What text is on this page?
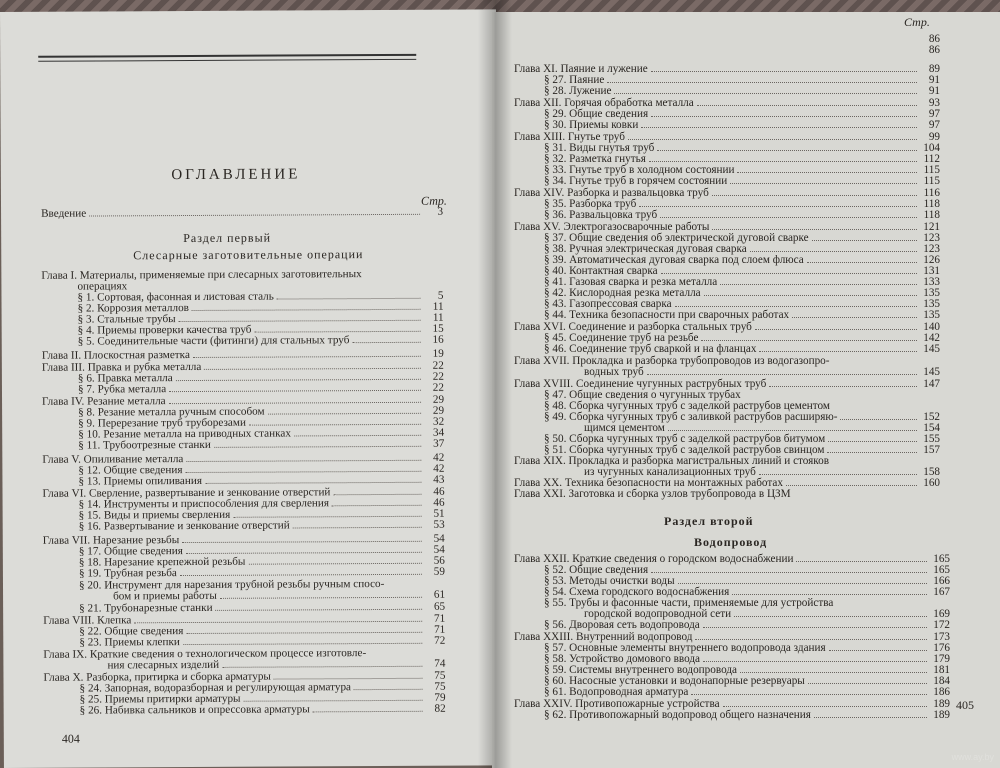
ОГЛАВЛЕНИЕ
Стр.
Раздел первый
Слесарные заготовительные операции
Введение	3
Глава I. Материалы, применяемые при слесарных заготовительных
операциях
§ 1. Сортовая, фасонная и листовая сталь	5
§ 2. Коррозия металлов	11
§ 3. Стальные трубы	11
§ 4. Приемы проверки качества труб	15
§ 5. Соединительные части (фитинги) для стальных труб	16
Глава II. Плоскостная разметка	19
Глава III. Правка и рубка металла	22
§ 6. Правка металла	22
§ 7. Рубка металла	22
Глава IV. Резание металла	29
§ 8. Резание металла ручным способом	29
§ 9. Перерезание труб труборезами	32
§ 10. Резание металла на приводных станках	34
§ 11. Трубоотрезные станки	37
Глава V. Опиливание металла	42
§ 12. Общие сведения	42
§ 13. Приемы опиливания	43
Глава VI. Сверление, развертывание и зенкование отверстий	46
§ 14. Инструменты и приспособления для сверления	46
§ 15. Виды и приемы сверления	51
§ 16. Развертывание и зенкование отверстий	53
Глава VII. Нарезание резьбы	54
§ 17. Общие сведения	54
§ 18. Нарезание крепежной резьбы	56
§ 19. Трубная резьба	59
§ 20. Инструмент для нарезания трубной резьбы ручным спосо-
бом и приемы работы	61
§ 21. Трубонарезные станки	65
Глава VIII. Клепка	71
§ 22. Общие сведения	71
§ 23. Приемы клепки	72
Глава IX. Краткие сведения о технологическом процессе изготовле-
ния слесарных изделий	74
Глава X. Разборка, притирка и сборка арматуры	75
§ 24. Запорная, водоразборная и регулирующая арматура	75
§ 25. Приемы притирки арматуры	79
§ 26. Набивка сальников и опрессовка арматуры	82
404
Стр.
Раздел второй
Водопровод
86
86
Глава XI. Паяние и лужение	89
§ 27. Паяние	91
§ 28. Лужение	91
Глава XII. Горячая обработка металла	93
§ 29. Общие сведения	97
§ 30. Приемы ковки	97
Глава XIII. Гнутье труб	99
§ 31. Виды гнутья труб	104
§ 32. Разметка гнутья	112
§ 33. Гнутье труб в холодном состоянии	115
§ 34. Гнутье труб в горячем состоянии	115
Глава XIV. Разборка и развальцовка труб	116
§ 35. Разборка труб	118
§ 36. Развальцовка труб	118
Глава XV. Электрогазосварочные работы	121
§ 37. Общие сведения об электрической дуговой сварке	123
§ 38. Ручная электрическая дуговая сварка	123
§ 39. Автоматическая дуговая сварка под слоем флюса	126
§ 40. Контактная сварка	131
§ 41. Газовая сварка и резка металла	133
§ 42. Кислородная резка металла	135
§ 43. Газопрессовая сварка	135
§ 44. Техника безопасности при сварочных работах	135
Глава XVI. Соединение и разборка стальных труб	140
§ 45. Соединение труб на резьбе	142
§ 46. Соединение труб сваркой и на фланцах	145
Глава XVII. Прокладка и разборка трубопроводов из водогазопро-
водных труб	145
Глава XVIII. Соединение чугунных раструбных труб	147
§ 47. Общие сведения о чугунных трубах
§ 48. Сборка чугунных труб с заделкой раструбов цементом
§ 49. Сборка чугунных труб с заливкой раструбов расширяю-	152
щимся цементом	154
§ 50. Сборка чугунных труб с заделкой раструбов битумом	155
§ 51. Сборка чугунных труб с заделкой раструбов свинцом	157
Глава XIX. Прокладка и разборка магистральных линий и стояков
из чугунных канализационных труб	158
Глава XX. Техника безопасности на монтажных работах	160
Глава XXI. Заготовка и сборка узлов трубопровода в ЦЗМ
Глава XXII. Краткие сведения о городском водоснабжении	165
§ 52. Общие сведения	165
§ 53. Методы очистки воды	166
§ 54. Схема городского водоснабжения	167
§ 55. Трубы и фасонные части, применяемые для устройства
городской водопроводной сети	169
§ 56. Дворовая сеть водопровода	172
Глава XXIII. Внутренний водопровод	173
§ 57. Основные элементы внутреннего водопровода здания	176
§ 58. Устройство домового ввода	179
§ 59. Системы внутреннего водопровода	181
§ 60. Насосные установки и водонапорные резервуары	184
§ 61. Водопроводная арматура	186
Глава XXIV. Противопожарные устройства	189
§ 62. Противопожарный водопровод общего назначения	189
405
www.ay.by
